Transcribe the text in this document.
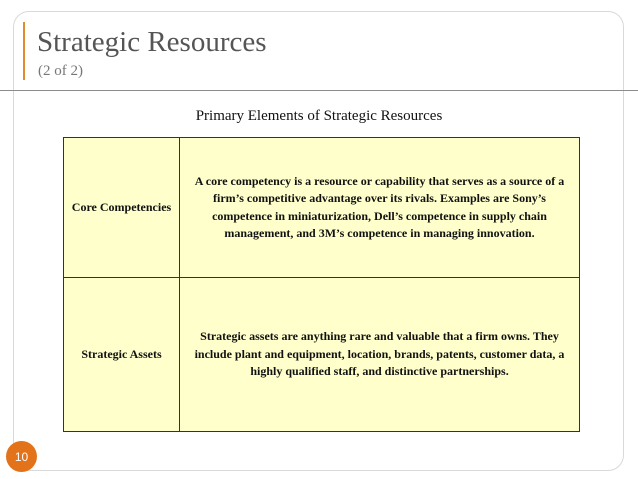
Strategic Resources

(2 of 2)

Primary Elements of Strategic Resources

Core Competencies
A core competency is a resource or capability that serves as a source of a firm’s competitive advantage over its rivals. Examples are Sony’s competence in miniaturization, Dell’s competence in supply chain management, and 3M’s competence in managing innovation.
Strategic Assets
Strategic assets are anything rare and valuable that a firm owns. They include plant and equipment, location, brands, patents, customer data, a highly qualified staff, and distinctive partnerships.
10
